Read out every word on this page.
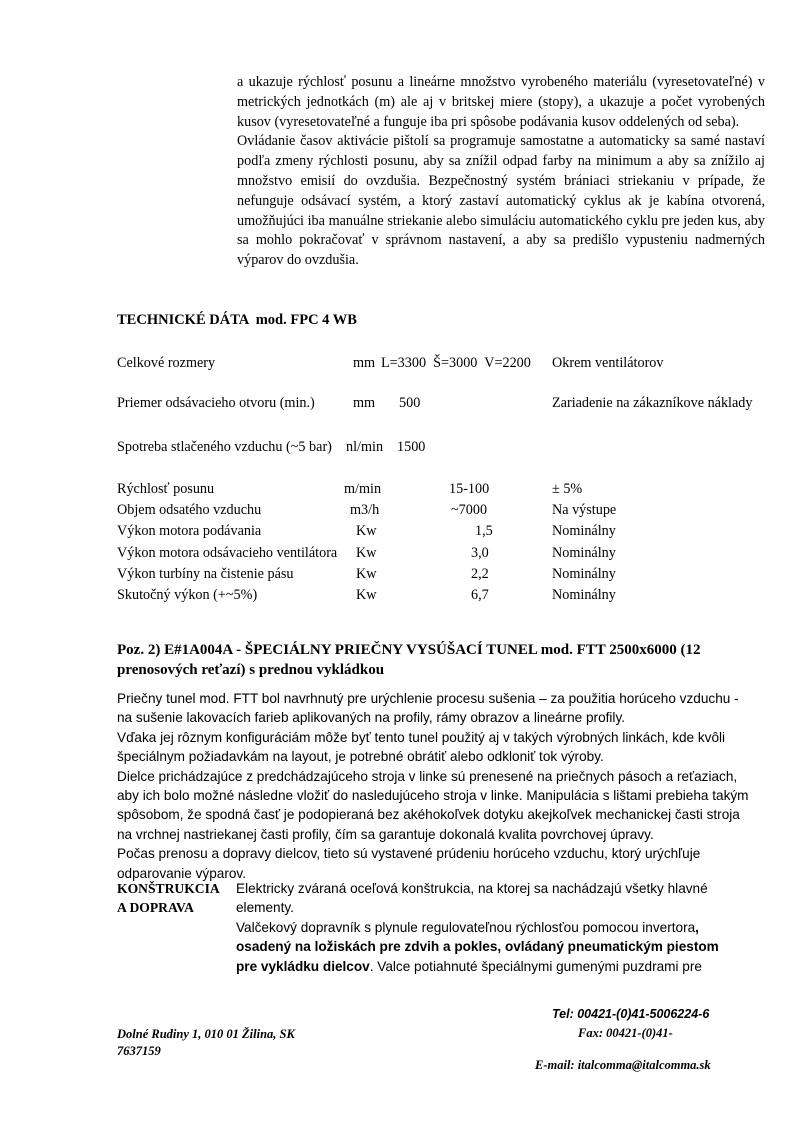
a ukazuje rýchlosť posunu a lineárne množstvo vyrobeného materiálu (vyresetovateľné) v metrických jednotkách (m) ale aj v britskej miere (stopy), a ukazuje a počet vyrobených kusov (vyresetovateľné a funguje iba pri spôsobe podávania kusov oddelených od seba).

Ovládanie časov aktivácie pištolí sa programuje samostatne a automaticky sa samé nastaví podľa zmeny rýchlosti posunu, aby sa znížil odpad farby na minimum a aby sa znížilo aj množstvo emisií do ovzdušia. Bezpečnostný systém brániaci striekaniu v prípade, že nefunguje odsávací systém, a ktorý zastaví automatický cyklus ak je kabína otvorená, umožňujúci iba manuálne striekanie alebo simuláciu automatického cyklu pre jeden kus, aby sa mohlo pokračovať v správnom nastavení, a aby sa predišlo vypusteniu nadmerných výparov do ovzdušia.

TECHNICKÉ DÁTA  mod. FPC 4 WB
Celkové rozmery	mm L=3300  Š=3000  V=2200 Okrem ventilátorov
Priemer odsávacieho otvoru (min.)	mm 500	Zariadenie na zákazníkove náklady
Spotreba stlačeného vzduchu (~5 bar) nl/min 1500
Rýchlosť posunu	m/min	15-100	± 5%
Objem odsatého vzduchu	m3/h	~7000	Na výstupe
Výkon motora podávania	Kw	1,5	Nominálny
Výkon motora odsávacieho ventilátora Kw	3,0	Nominálny
Výkon turbíny na čistenie pásu	Kw	2,2	Nominálny
Skutočný výkon (+~5%)	Kw	6,7	Nominálny
Poz. 2) E#1A004A - ŠPECIÁLNY PRIEČNY VYSÚŠACÍ TUNEL mod. FTT 2500x6000 (12 prenosových reťazí) s prednou vykládkou

Priečny tunel mod. FTT bol navrhnutý pre urýchlenie procesu sušenia – za použitia horúceho vzduchu - na sušenie lakovacích farieb aplikovaných na profily, rámy obrazov a lineárne profily.

Vďaka jej rôznym konfiguráciám môže byť tento tunel použitý aj v takých výrobných linkách, kde kvôli špeciálnym požiadavkám na layout, je potrebné obrátiť alebo odkloniť tok výroby.

Dielce prichádzajúce z predchádzajúceho stroja v linke sú prenesené na priečnych pásoch a reťaziach, aby ich bolo možné následne vložiť do nasledujúceho stroja v linke. Manipulácia s lištami prebieha takým spôsobom, že spodná časť je podopieraná bez akéhokoľvek dotyku akejkoľvek mechanickej časti stroja na vrchnej nastriekanej časti profily, čím sa garantuje dokonalá kvalita povrchovej úpravy.

Počas prenosu a dopravy dielcov, tieto sú vystavené prúdeniu horúceho vzduchu, ktorý urýchľuje odparovanie výparov.

KONŠTRUKCIA A DOPRAVA

Elektricky zváraná oceľová konštrukcia, na ktorej sa nachádzajú všetky hlavné elementy.

Valčekový dopravník s plynule regulovateľnou rýchlosťou pomocou invertora, osadený na ložiskách pre zdvih a pokles, ovládaný pneumatickým piestom pre vykládku dielcov. Valce potiahnuté špeciálnymi gumenými puzdrami pre

Tel: 00421-(0)41-5006224-6
Dolné Rudiny 1, 010 01 Žilina, SK 7637159
Fax: 00421-(0)41-
E-mail: italcomma@italcomma.sk
